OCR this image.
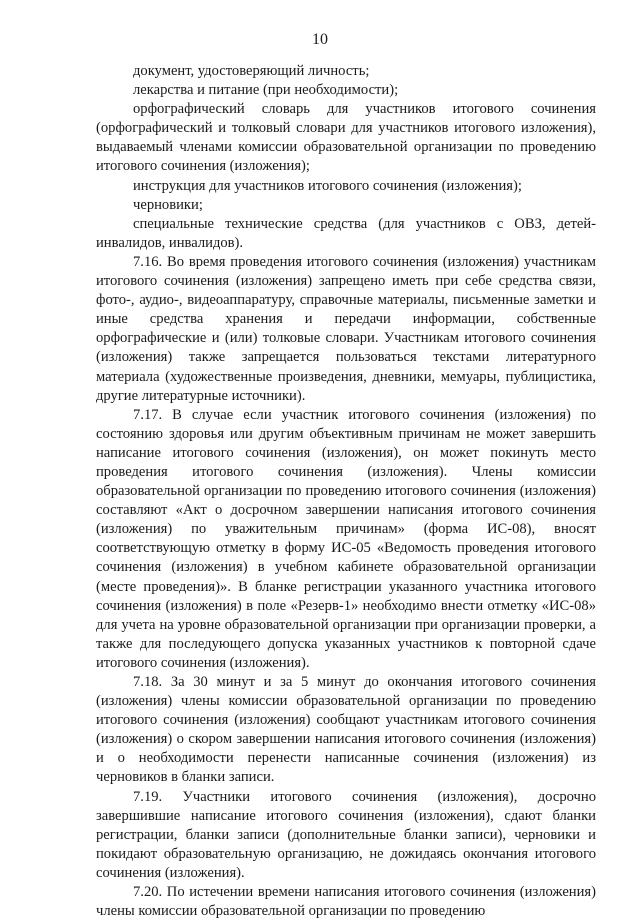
10

документ, удостоверяющий личность;

лекарства и питание (при необходимости);

орфографический словарь для участников итогового сочинения (орфографический и толковый словари для участников итогового изложения), выдаваемый членами комиссии образовательной организации по проведению итогового сочинения (изложения);

инструкция для участников итогового сочинения (изложения);

черновики;

специальные технические средства (для участников с ОВЗ, детей-инвалидов, инвалидов).

7.16. Во время проведения итогового сочинения (изложения) участникам итогового сочинения (изложения) запрещено иметь при себе средства связи, фото-, аудио-, видеоаппаратуру, справочные материалы, письменные заметки и иные средства хранения и передачи информации, собственные орфографические и (или) толковые словари. Участникам итогового сочинения (изложения) также запрещается пользоваться текстами литературного материала (художественные произведения, дневники, мемуары, публицистика, другие литературные источники).

7.17. В случае если участник итогового сочинения (изложения) по состоянию здоровья или другим объективным причинам не может завершить написание итогового сочинения (изложения), он может покинуть место проведения итогового сочинения (изложения). Члены комиссии образовательной организации по проведению итогового сочинения (изложения) составляют «Акт о досрочном завершении написания итогового сочинения (изложения) по уважительным причинам» (форма ИС-08), вносят соответствующую отметку в форму ИС-05 «Ведомость проведения итогового сочинения (изложения) в учебном кабинете образовательной организации (месте проведения)». В бланке регистрации указанного участника итогового сочинения (изложения) в поле «Резерв-1» необходимо внести отметку «ИС-08» для учета на уровне образовательной организации при организации проверки, а также для последующего допуска указанных участников к повторной сдаче итогового сочинения (изложения).

7.18. За 30 минут и за 5 минут до окончания итогового сочинения (изложения) члены комиссии образовательной организации по проведению итогового сочинения (изложения) сообщают участникам итогового сочинения (изложения) о скором завершении написания итогового сочинения (изложения) и о необходимости перенести написанные сочинения (изложения) из черновиков в бланки записи.

7.19. Участники итогового сочинения (изложения), досрочно завершившие написание итогового сочинения (изложения), сдают бланки регистрации, бланки записи (дополнительные бланки записи), черновики и покидают образовательную организацию, не дожидаясь окончания итогового сочинения (изложения).

7.20. По истечении времени написания итогового сочинения (изложения) члены комиссии образовательной организации по проведению
